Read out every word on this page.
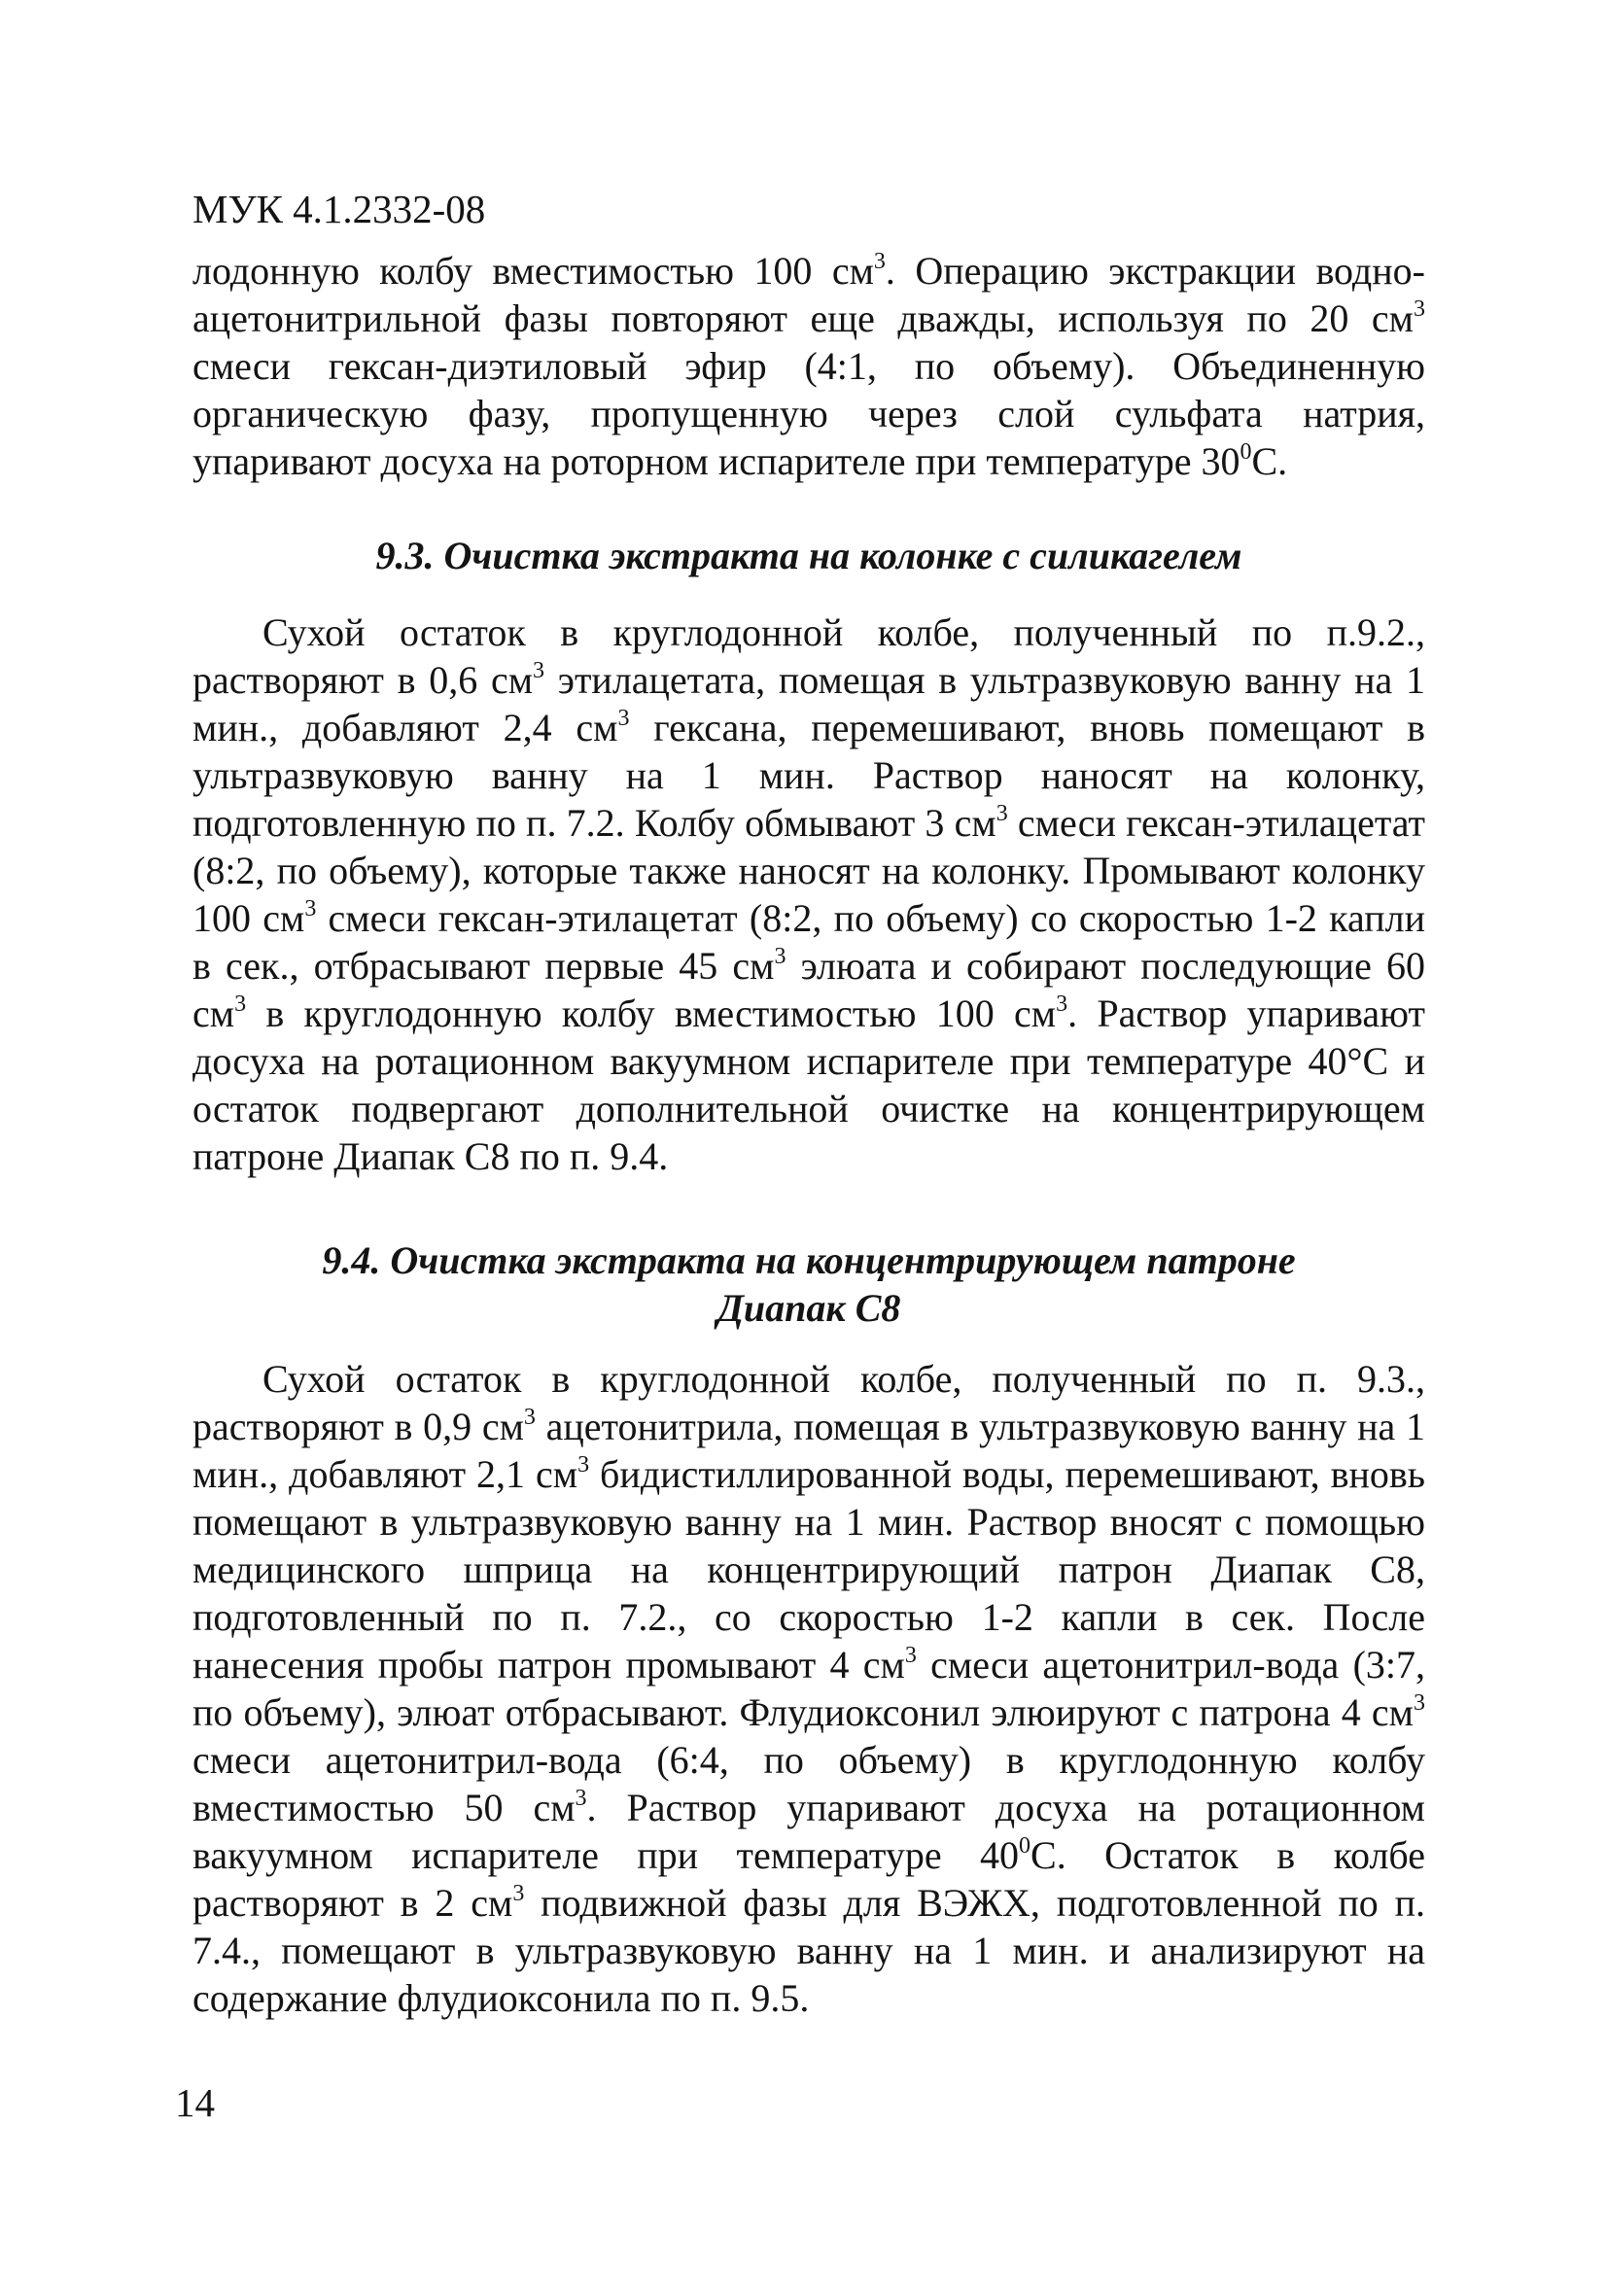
МУК 4.1.2332-08

лодонную колбу вместимостью 100 $см^3$. Операцию экстракции водно-ацетонитрильной фазы повторяют еще дважды, используя по 20 $см^3$ смеси гексан-диэтиловый эфир (4:1, по объему). Объединенную органическую фазу, пропущенную через слой сульфата натрия, упаривают досуха на роторном испарителе при температуре $30^0С$.

9.3. Очистка экстракта на колонке с силикагелем

Сухой остаток в круглодонной колбе, полученный по п.9.2., растворяют в 0,6 $см^3$ этилацетата, помещая в ультразвуковую ванну на 1 мин., добавляют 2,4 $см^3$ гексана, перемешивают, вновь помещают в ультразвуковую ванну на 1 мин. Раствор наносят на колонку, подготовленную по п. 7.2. Колбу обмывают 3 $см^3$ смеси гексан-этилацетат (8:2, по объему), которые также наносят на колонку. Промывают колонку 100 $см^3$ смеси гексан-этилацетат (8:2, по объему) со скоростью 1-2 капли в сек., отбрасывают первые 45 $см^3$ элюата и собирают последующие 60 $см^3$ в круглодонную колбу вместимостью 100 $см^3$. Раствор упаривают досуха на ротационном вакуумном испарителе при температуре 40°С и остаток подвергают дополнительной очистке на концентрирующем патроне Диапак С8 по п. 9.4.

9.4. Очистка экстракта на концентрирующем патроне
Диапак С8

Сухой остаток в круглодонной колбе, полученный по п. 9.3., растворяют в 0,9 $см^3$ ацетонитрила, помещая в ультразвуковую ванну на 1 мин., добавляют 2,1 $см^3$ бидистиллированной воды, перемешивают, вновь помещают в ультразвуковую ванну на 1 мин. Раствор вносят с помощью медицинского шприца на концентрирующий патрон Диапак С8, подготовленный по п. 7.2., со скоростью 1-2 капли в сек. После нанесения пробы патрон промывают 4 $см^3$ смеси ацетонитрил-вода (3:7, по объему), элюат отбрасывают. Флудиоксонил элюируют с патрона 4 $см^3$ смеси ацетонитрил-вода (6:4, по объему) в круглодонную колбу вместимостью 50 $см^3$. Раствор упаривают досуха на ротационном вакуумном испарителе при температуре $40^0С$. Остаток в колбе растворяют в 2 $см^3$ подвижной фазы для ВЭЖХ, подготовленной по п. 7.4., помещают в ультразвуковую ванну на 1 мин. и анализируют на содержание флудиоксонила по п. 9.5.

14
